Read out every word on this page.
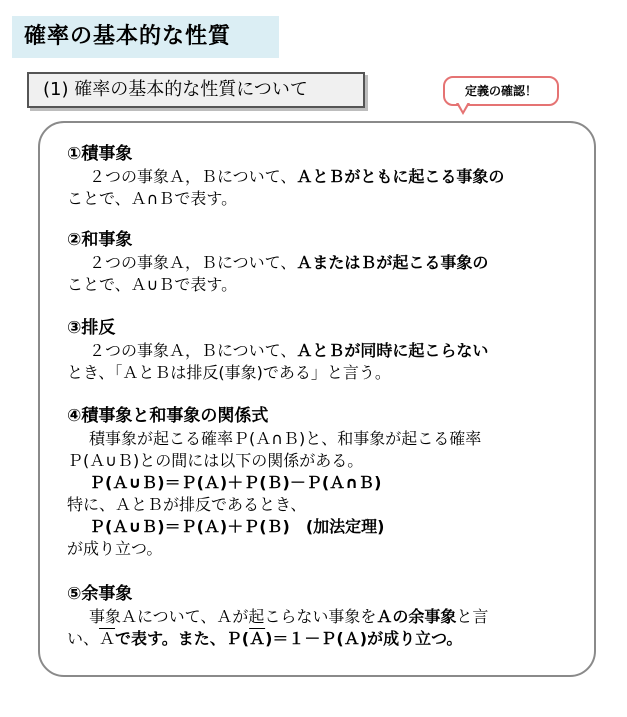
確率の基本的な性質
(1) 確率の基本的な性質について	定義の確認！
①積事象
２つの事象Ａ，Ｂについて、ＡとＢがともに起こる事象の
ことで、Ａ∩Ｂで表す。
②和事象
２つの事象Ａ，Ｂについて、ＡまたはＢが起こる事象の
ことで、Ａ∪Ｂで表す。
③排反
２つの事象Ａ，Ｂについて、ＡとＢが同時に起こらない
とき、「ＡとＢは排反(事象)である」と言う。
④積事象と和事象の関係式
積事象が起こる確率Ｐ(Ａ∩Ｂ)と、和事象が起こる確率
Ｐ(Ａ∪Ｂ)との間には以下の関係がある。
Ｐ(Ａ∪Ｂ)＝Ｐ(Ａ)＋Ｐ(Ｂ)－Ｐ(Ａ∩Ｂ)
特に、ＡとＢが排反であるとき、
Ｐ(Ａ∪Ｂ)＝Ｐ(Ａ)＋Ｐ(Ｂ)　(加法定理)
が成り立つ。
⑤余事象
事象Ａについて、Ａが起こらない事象をＡの余事象と言
い、$\overline{A}$で表す。また、$P(\overline{A})=1-P(A)$が成り立つ。
